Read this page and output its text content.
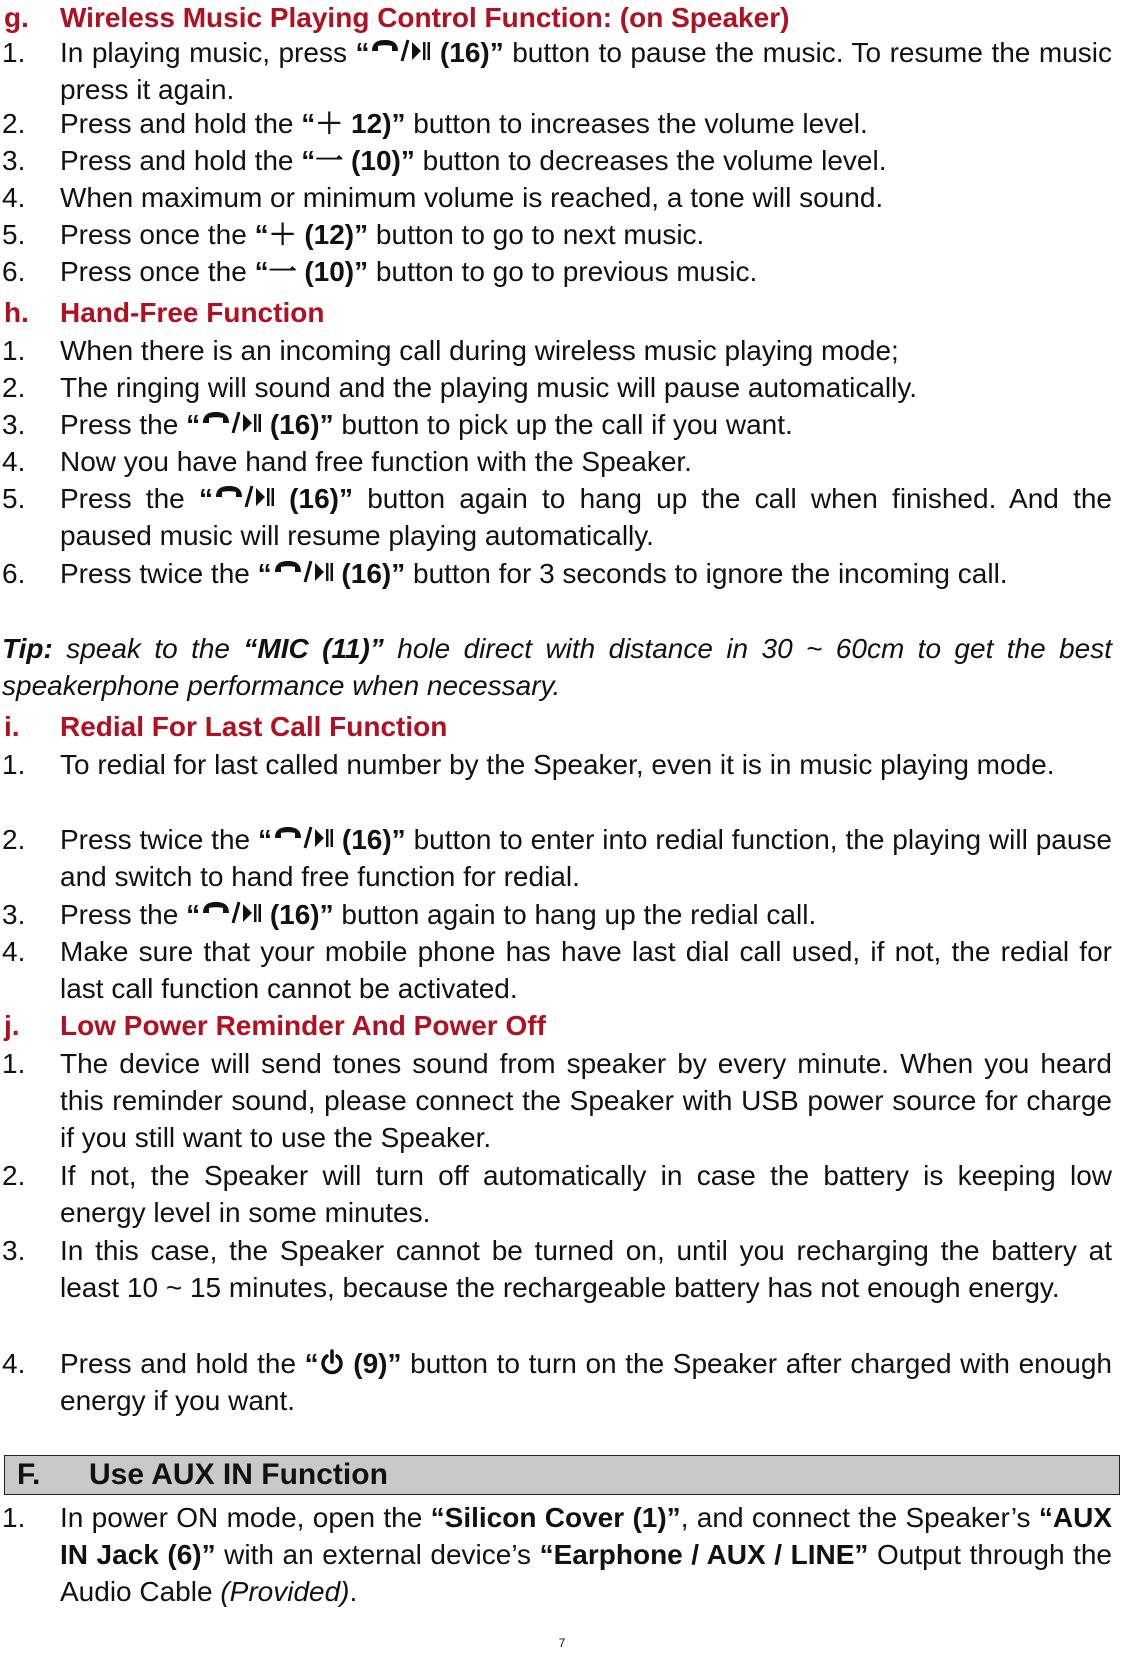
g. Wireless Music Playing Control Function: (on Speaker)
1. In playing music, press “ (16)” button to pause the music. To resume the music press it again.
2. Press and hold the “＋ 12)” button to increases the volume level.
3. Press and hold the “一 (10)” button to decreases the volume level.
4. When maximum or minimum volume is reached, a tone will sound.
5. Press once the “＋ (12)” button to go to next music.
6. Press once the “一 (10)” button to go to previous music.
h. Hand-Free Function
1. When there is an incoming call during wireless music playing mode;
2. The ringing will sound and the playing music will pause automatically.
3. Press the “ (16)” button to pick up the call if you want.
4. Now you have hand free function with the Speaker.
5. Press the “ (16)” button again to hang up the call when finished. And the paused music will resume playing automatically.
6. Press twice the “ (16)” button for 3 seconds to ignore the incoming call.
Tip: speak to the “MIC (11)” hole direct with distance in 30 ~ 60cm to get the best speakerphone performance when necessary.
i. Redial For Last Call Function
1. To redial for last called number by the Speaker, even it is in music playing mode.
2. Press twice the “ (16)” button to enter into redial function, the playing will pause and switch to hand free function for redial.
3. Press the “ (16)” button again to hang up the redial call.
4. Make sure that your mobile phone has have last dial call used, if not, the redial for last call function cannot be activated.
j. Low Power Reminder And Power Off
1. The device will send tones sound from speaker by every minute. When you heard this reminder sound, please connect the Speaker with USB power source for charge if you still want to use the Speaker.
2. If not, the Speaker will turn off automatically in case the battery is keeping low energy level in some minutes.
3. In this case, the Speaker cannot be turned on, until you recharging the battery at least 10 ~ 15 minutes, because the rechargeable battery has not enough energy.
4. Press and hold the “ (9)” button to turn on the Speaker after charged with enough energy if you want.
F. Use AUX IN Function
1. In power ON mode, open the “Silicon Cover (1)”, and connect the Speaker’s “AUX IN Jack (6)” with an external device’s “Earphone / AUX / LINE” Output through the Audio Cable (Provided).
7
